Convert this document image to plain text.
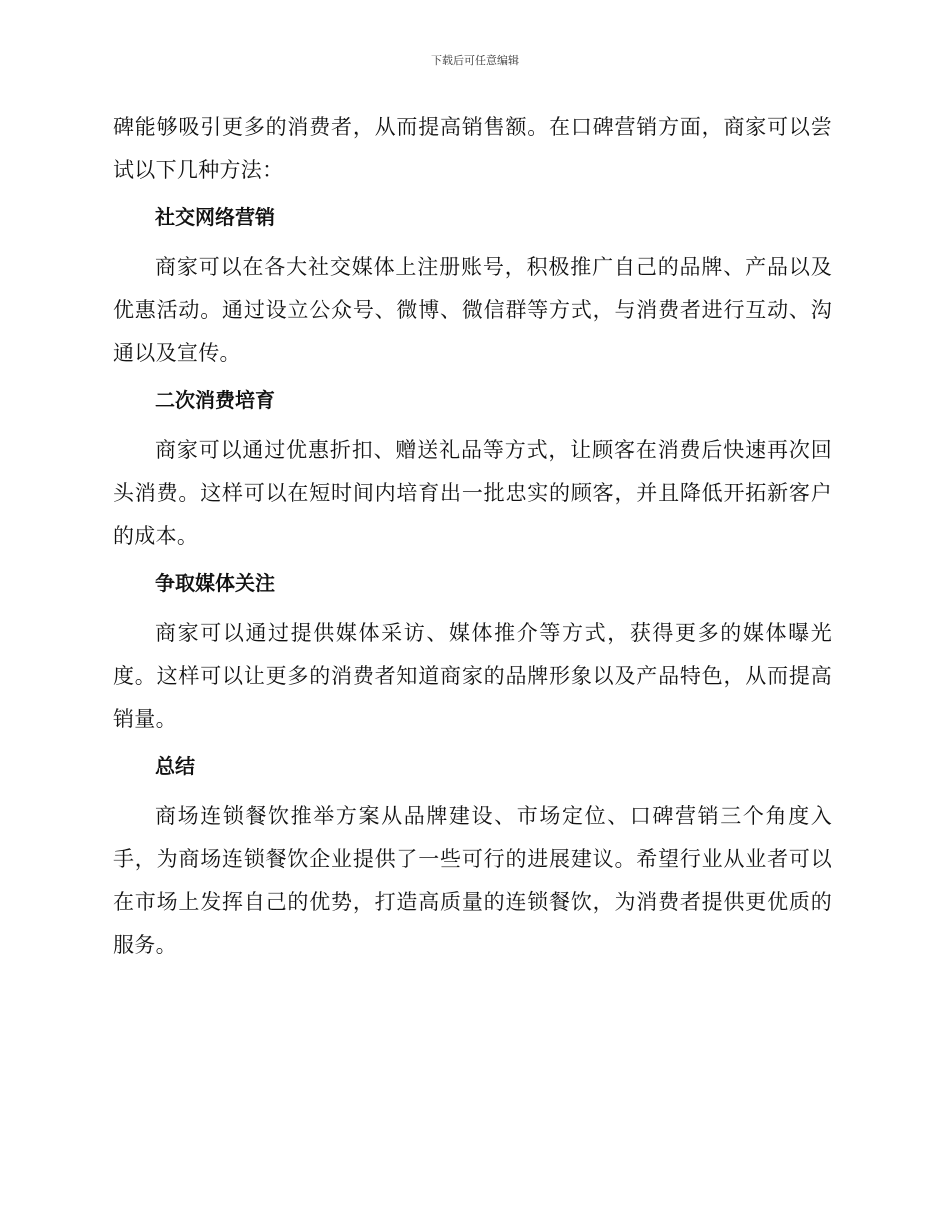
下载后可任意编辑

碑能够吸引更多的消费者，从而提高销售额。在口碑营销方面，商家可以尝试以下几种方法：

社交网络营销

商家可以在各大社交媒体上注册账号，积极推广自己的品牌、产品以及优惠活动。通过设立公众号、微博、微信群等方式，与消费者进行互动、沟通以及宣传。

二次消费培育

商家可以通过优惠折扣、赠送礼品等方式，让顾客在消费后快速再次回头消费。这样可以在短时间内培育出一批忠实的顾客，并且降低开拓新客户的成本。

争取媒体关注

商家可以通过提供媒体采访、媒体推介等方式，获得更多的媒体曝光度。这样可以让更多的消费者知道商家的品牌形象以及产品特色，从而提高销量。

总结

商场连锁餐饮推举方案从品牌建设、市场定位、口碑营销三个角度入手，为商场连锁餐饮企业提供了一些可行的进展建议。希望行业从业者可以在市场上发挥自己的优势，打造高质量的连锁餐饮，为消费者提供更优质的服务。
